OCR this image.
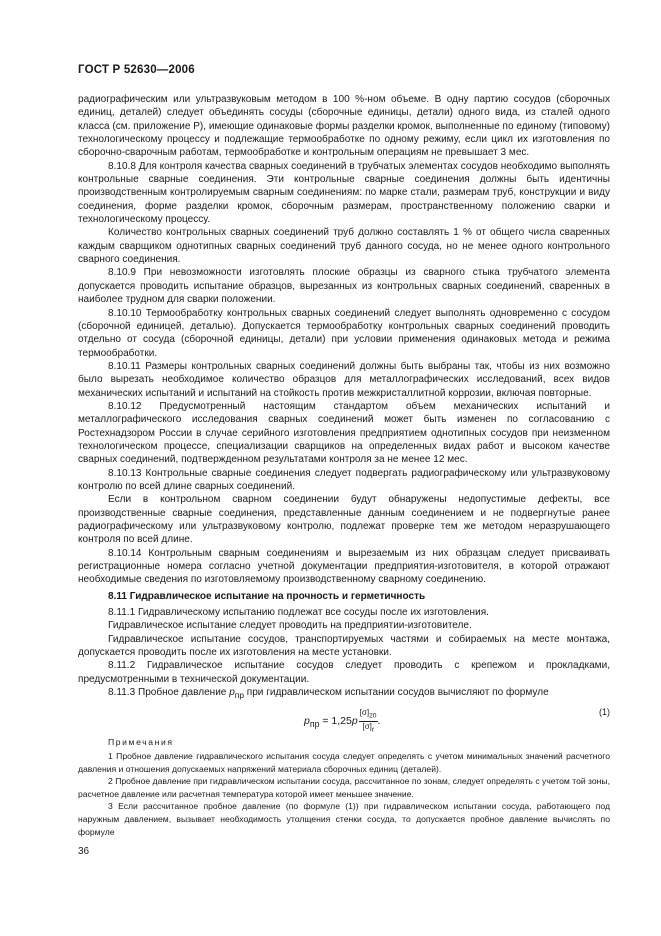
ГОСТ Р 52630—2006

радиографическим или ультразвуковым методом в 100 %-ном объеме. В одну партию сосудов (сборочных единиц, деталей) следует объединять сосуды (сборочные единицы, детали) одного вида, из сталей одного класса (см. приложение Р), имеющие одинаковые формы разделки кромок, выполненные по единому (типовому) технологическому процессу и подлежащие термообработке по одному режиму, если цикл их изготовления по сборочно-сварочным работам, термообработке и контрольным операциям не превышает 3 мес.

8.10.8 Для контроля качества сварных соединений в трубчатых элементах сосудов необходимо выполнять контрольные сварные соединения. Эти контрольные сварные соединения должны быть идентичны производственным контролируемым сварным соединениям: по марке стали, размерам труб, конструкции и виду соединения, форме разделки кромок, сборочным размерам, пространственному положению сварки и технологическому процессу.

Количество контрольных сварных соединений труб должно составлять 1 % от общего числа сваренных каждым сварщиком однотипных сварных соединений труб данного сосуда, но не менее одного контрольного сварного соединения.

8.10.9 При невозможности изготовлять плоские образцы из сварного стыка трубчатого элемента допускается проводить испытание образцов, вырезанных из контрольных сварных соединений, сваренных в наиболее трудном для сварки положении.

8.10.10 Термообработку контрольных сварных соединений следует выполнять одновременно с сосудом (сборочной единицей, деталью). Допускается термообработку контрольных сварных соединений проводить отдельно от сосуда (сборочной единицы, детали) при условии применения одинаковых метода и режима термообработки.

8.10.11 Размеры контрольных сварных соединений должны быть выбраны так, чтобы из них возможно было вырезать необходимое количество образцов для металлографических исследований, всех видов механических испытаний и испытаний на стойкость против межкристаллитной коррозии, включая повторные.

8.10.12 Предусмотренный настоящим стандартом объем механических испытаний и металлографического исследования сварных соединений может быть изменен по согласованию с Ростехнадзором России в случае серийного изготовления предприятием однотипных сосудов при неизменном технологическом процессе, специализации сварщиков на определенных видах работ и высоком качестве сварных соединений, подтвержденном результатами контроля за не менее 12 мес.

8.10.13 Контрольные сварные соединения следует подвергать радиографическому или ультразвуковому контролю по всей длине сварных соединений.

Если в контрольном сварном соединении будут обнаружены недопустимые дефекты, все производственные сварные соединения, представленные данным соединением и не подвергнутые ранее радиографическому или ультразвуковому контролю, подлежат проверке тем же методом неразрушающего контроля по всей длине.

8.10.14 Контрольным сварным соединениям и вырезаемым из них образцам следует присваивать регистрационные номера согласно учетной документации предприятия-изготовителя, в которой отражают необходимые сведения по изготовляемому производственному сварному соединению.

8.11 Гидравлическое испытание на прочность и герметичность

8.11.1 Гидравлическому испытанию подлежат все сосуды после их изготовления.

Гидравлическое испытание следует проводить на предприятии-изготовителе.

Гидравлическое испытание сосудов, транспортируемых частями и собираемых на месте монтажа, допускается проводить после их изготовления на месте установки.

8.11.2 Гидравлическое испытание сосудов следует проводить с крепежом и прокладками, предусмотренными в технической документации.

8.11.3 Пробное давление $p_{пр}$ при гидравлическом испытании сосудов вычисляют по формуле

$p_{пр} = 1,25p \frac{[\sigma]_{20}}{[\sigma]_t}$ .
(1)

Примечания

1 Пробное давление гидравлического испытания сосуда следует определять с учетом минимальных значений расчетного давления и отношения допускаемых напряжений материала сборочных единиц (деталей).

2 Пробное давление при гидравлическом испытании сосуда, рассчитанное по зонам, следует определять с учетом той зоны, расчетное давление или расчетная температура которой имеет меньшее значение.

3 Если рассчитанное пробное давление (по формуле (1)) при гидравлическом испытании сосуда, работающего под наружным давлением, вызывает необходимость утолщения стенки сосуда, то допускается пробное давление вычислять по формуле

36
